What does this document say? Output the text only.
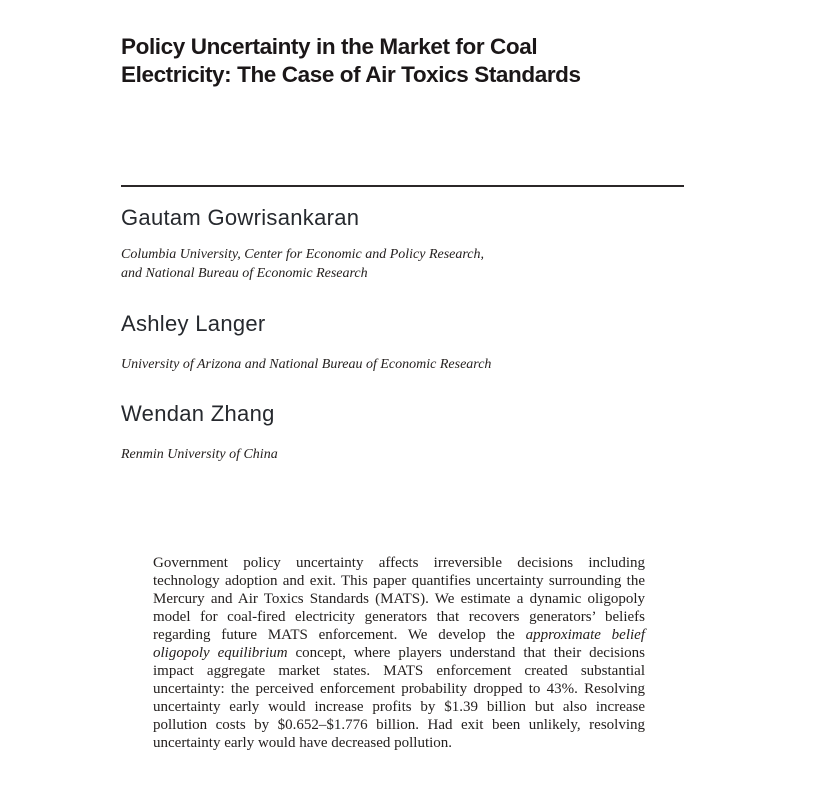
Policy Uncertainty in the Market for Coal
Electricity: The Case of Air Toxics Standards
Gautam Gowrisankaran
Columbia University, Center for Economic and Policy Research,
and National Bureau of Economic Research
Ashley Langer
University of Arizona and National Bureau of Economic Research
Wendan Zhang
Renmin University of China

Government policy uncertainty affects irreversible decisions including technology adoption and exit. This paper quantifies uncertainty surrounding the Mercury and Air Toxics Standards (MATS). We estimate a dynamic oligopoly model for coal-fired electricity generators that recovers generators’ beliefs regarding future MATS enforcement. We develop the approximate belief oligopoly equilibrium concept, where players understand that their decisions impact aggregate market states. MATS enforcement created substantial uncertainty: the perceived enforcement probability dropped to 43%. Resolving uncertainty early would increase profits by $1.39 billion but also increase pollution costs by $0.652–$1.776 billion. Had exit been unlikely, resolving uncertainty early would have decreased pollution.
